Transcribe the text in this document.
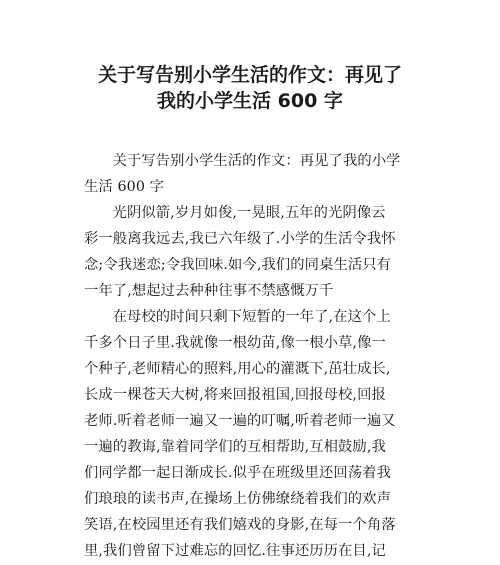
关于写告别小学生活的作文：再见了
我的小学生活 600 字

关于写告别小学生活的作文：再见了我的小学
生活 600 字

光阴似箭,岁月如俊,一晃眼,五年的光阴像云
彩一般离我远去,我已六年级了.小学的生活令我怀
念;令我迷恋;令我回味.如今,我们的同桌生活只有
一年了,想起过去种种往事不禁感慨万千

在母校的时间只剩下短暂的一年了,在这个上
千多个日子里.我就像一根幼苗,像一根小草,像一
个种子,老师精心的照料,用心的灌溉下,茁壮成长,
长成一棵苍天大树,将来回报祖国,回报母校,回报
老师.听着老师一遍又一遍的叮嘱,听着老师一遍又
一遍的教诲,靠着同学们的互相帮助,互相鼓励,我
们同学都一起日渐成长.似乎在班级里还回荡着我
们琅琅的读书声,在操场上仿佛缭绕着我们的欢声
笑语,在校园里还有我们嬉戏的身影,在每一个角落
里,我们曾留下过难忘的回忆.往事还历历在目,记
